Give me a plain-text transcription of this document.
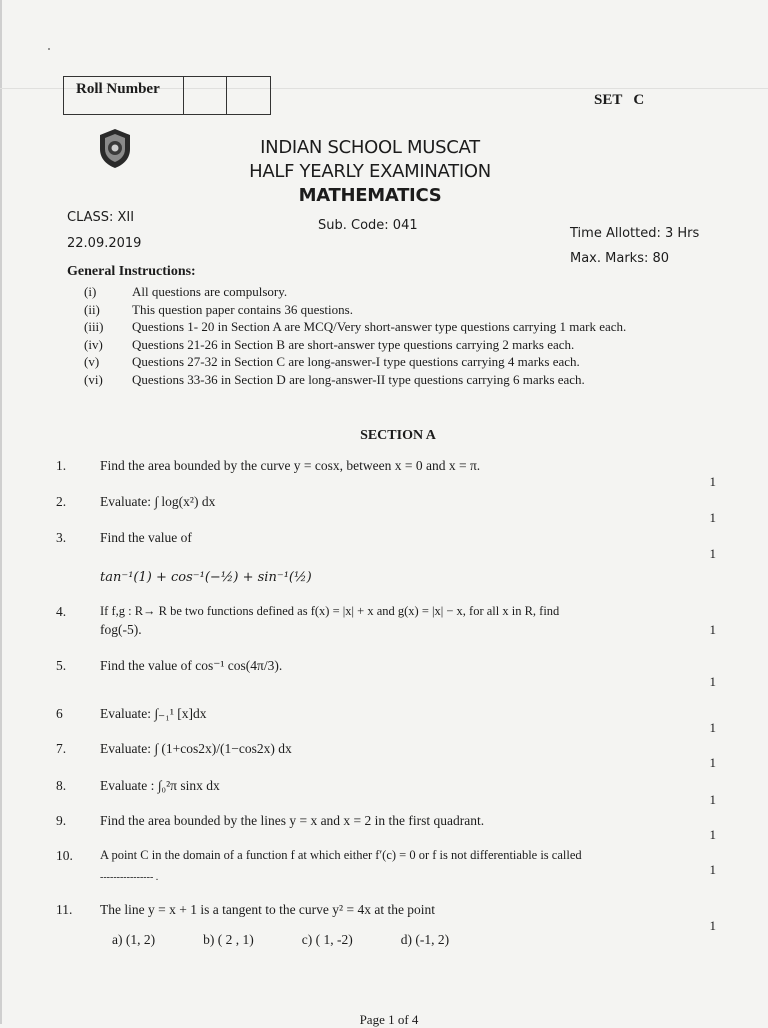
Roll Number
SET   C
INDIAN SCHOOL MUSCAT
HALF YEARLY EXAMINATION
MATHEMATICS
CLASS: XII
22.09.2019
Sub. Code: 041
Time Allotted: 3 Hrs
Max. Marks: 80
General Instructions:
(i)	All questions are compulsory.
(ii)	This question paper contains 36 questions.
(iii)	Questions 1- 20 in Section A are MCQ/Very short-answer type questions carrying 1 mark each.
(iv)	Questions 21-26 in Section B are short-answer type questions carrying 2 marks each.
(v)	Questions 27-32 in Section C are long-answer-I type questions carrying 4 marks each.
(vi)	Questions 33-36 in Section D are long-answer-II type questions carrying 6 marks each.
SECTION A
1.	Find the area bounded by the curve y = cosx, between x = 0 and x = π.
1
2.	Evaluate: ∫ log(x²) dx
1
3.	Find the value of
1
tan⁻¹(1) + cos⁻¹(−½) + sin⁻¹(½)
4.	If f,g : R→ R be two functions defined as f(x) = |x| + x and g(x) = |x| − x, for all x in R, find
fog(-5).	1
5.	Find the value of cos⁻¹ cos(4π/3).
1
6	Evaluate: ∫₋₁¹ [x]dx
1
7.	Evaluate: ∫ (1+cos2x)/(1−cos2x) dx
1
8.	Evaluate : ∫₀²π sinx dx
1
9.	Find the area bounded by the lines y = x and x = 2 in the first quadrant.
1
10. A point C in the domain of a function f at which either f′(c) = 0 or f is not differentiable is called
---------------- .
1
11. The line y = x + 1 is a tangent to the curve y² = 4x at the point
1
a) (1, 2)	b) ( 2 , 1)	c) ( 1, -2)	d) (-1, 2)
Page 1 of 4
